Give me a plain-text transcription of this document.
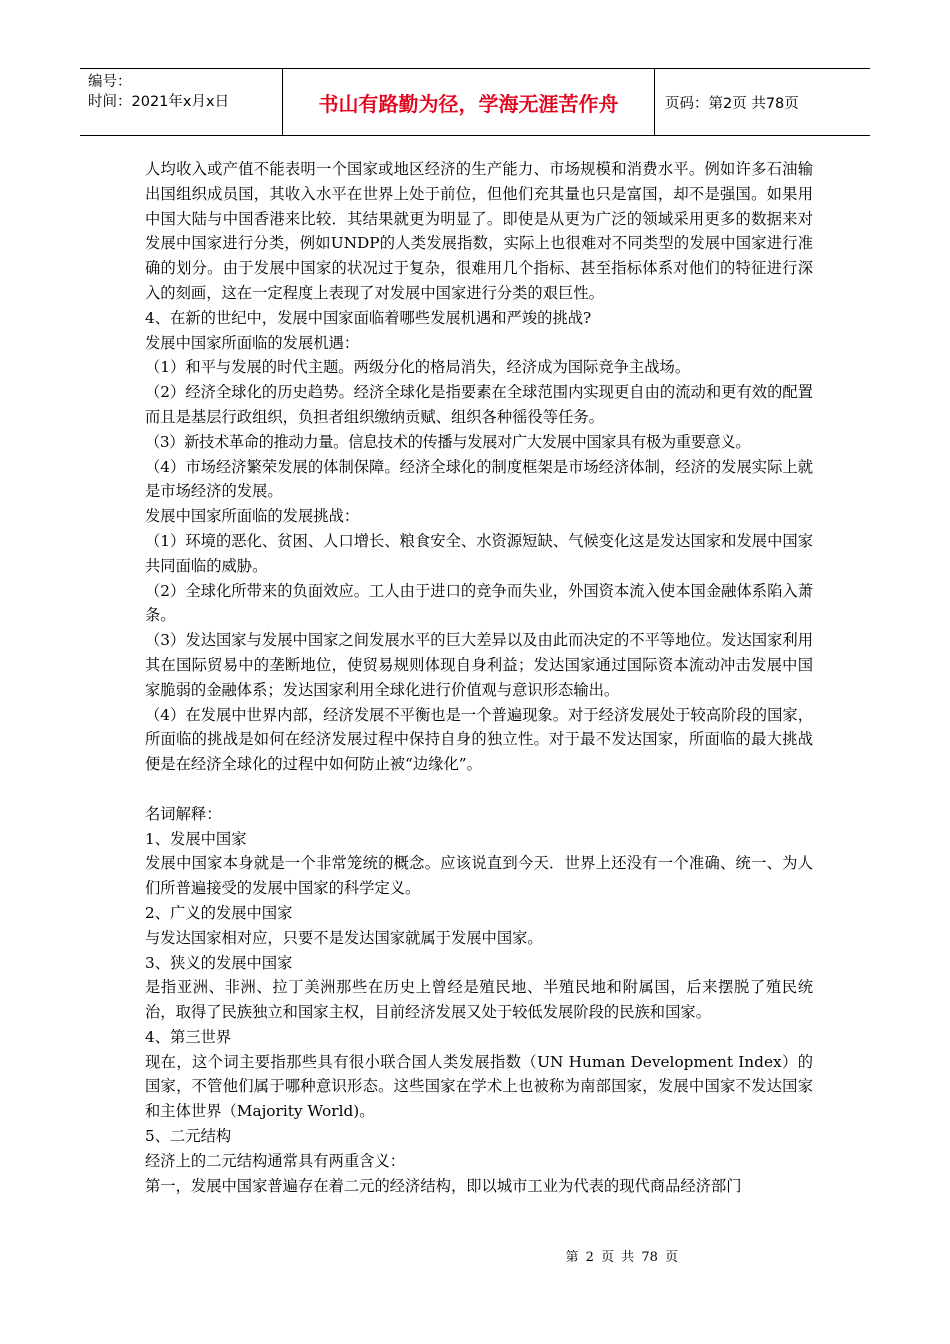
编号：
时间：2021年x月x日	书山有路勤为径，学海无涯苦作舟	页码：第2页 共78页

人均收入或产值不能表明一个国家或地区经济的生产能力、市场规模和消费水平。例如许多石油输出国组织成员国，其收入水平在世界上处于前位，但他们充其量也只是富国，却不是强国。如果用中国大陆与中国香港来比较．其结果就更为明显了。即使是从更为广泛的领域采用更多的数据来对发展中国家进行分类，例如UNDP的人类发展指数，实际上也很难对不同类型的发展中国家进行准确的划分。由于发展中国家的状况过于复杂，很难用几个指标、甚至指标体系对他们的特征进行深入的刻画，这在一定程度上表现了对发展中国家进行分类的艰巨性。

4、在新的世纪中，发展中国家面临着哪些发展机遇和严竣的挑战?

发展中国家所面临的发展机遇：

（1）和平与发展的时代主题。两级分化的格局消失，经济成为国际竞争主战场。

（2）经济全球化的历史趋势。经济全球化是指要素在全球范围内实现更自由的流动和更有效的配置而且是基层行政组织，负担者组织缴纳贡赋、组织各种徭役等任务。

（3）新技术革命的推动力量。信息技术的传播与发展对广大发展中国家具有极为重要意义。

（4）市场经济繁荣发展的体制保障。经济全球化的制度框架是市场经济体制，经济的发展实际上就是市场经济的发展。

发展中国家所面临的发展挑战：

（1）环境的恶化、贫困、人口增长、粮食安全、水资源短缺、气候变化这是发达国家和发展中国家共同面临的威胁。

（2）全球化所带来的负面效应。工人由于进口的竞争而失业，外国资本流入使本国金融体系陷入萧条。

（3）发达国家与发展中国家之间发展水平的巨大差异以及由此而决定的不平等地位。发达国家利用其在国际贸易中的垄断地位，使贸易规则体现自身利益；发达国家通过国际资本流动冲击发展中国家脆弱的金融体系；发达国家利用全球化进行价值观与意识形态输出。

（4）在发展中世界内部，经济发展不平衡也是一个普遍现象。对于经济发展处于较高阶段的国家，所面临的挑战是如何在经济发展过程中保持自身的独立性。对于最不发达国家，所面临的最大挑战便是在经济全球化的过程中如何防止被“边缘化”。

名词解释：

1、发展中国家

发展中国家本身就是一个非常笼统的概念。应该说直到今天．世界上还没有一个准确、统一、为人们所普遍接受的发展中国家的科学定义。

2、广义的发展中国家

与发达国家相对应，只要不是发达国家就属于发展中国家。

3、狭义的发展中国家

是指亚洲、非洲、拉丁美洲那些在历史上曾经是殖民地、半殖民地和附属国，后来摆脱了殖民统治，取得了民族独立和国家主权，目前经济发展又处于较低发展阶段的民族和国家。

4、第三世界

现在，这个词主要指那些具有很小联合国人类发展指数（UN Human Development Index）的国家，不管他们属于哪种意识形态。这些国家在学术上也被称为南部国家，发展中国家不发达国家和主体世界（Majority World)。

5、二元结构

经济上的二元结构通常具有两重含义：

第一，发展中国家普遍存在着二元的经济结构，即以城市工业为代表的现代商品经济部门

第 2 页 共 78 页
